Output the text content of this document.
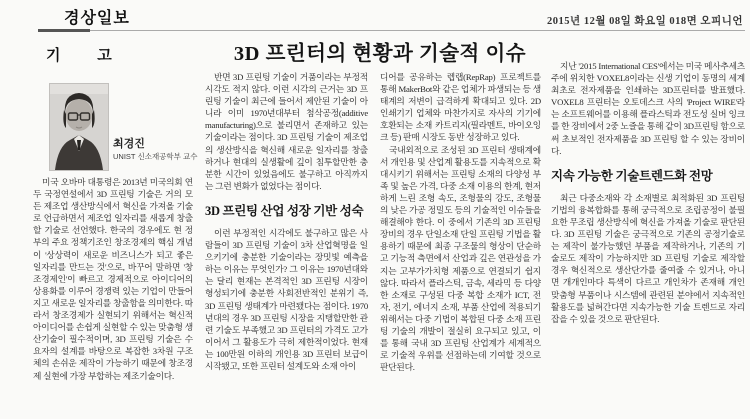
경상일보	2015년 12월 08일 화요일 018면 오피니언
기 고	3D 프린터의 현황과 기술적 이슈
최경진
UNIST 신소재공학부 교수

미국 오바마 대통령은 2013년 미국의회 연두 국정연설에서 3D 프린팅 기술은 거의 모든 제조업 생산방식에서 혁신을 가져올 기술로 언급하면서 제조업 일자리를 새롭게 창출할 기술로 선언했다. 한국의 경우에도 현 정부의 주요 정책기조인 창조경제의 핵심 개념이 '상상력이 새로운 비즈니스가 되고 좋은 일자리를 만드는 것'으로, 바꾸어 말하면 '창조경제인'이 빠르고 경제적으로 아이디어의 상용화를 이루어 경쟁력 있는 기업이 만들어지고 새로운 일자리를 창출함을 의미한다. 따라서 창조경제가 실현되기 위해서는 혁신적 아이디어를 손쉽게 실현할 수 있는 맞춤형 생산기술이 필수적이며, 3D 프린팅 기술은 수요자의 설계를 바탕으로 복잡한 3차원 구조체의 손쉬운 제작이 가능하기 때문에 창조경제 실현에 가장 부합하는 제조기술이다.

반면 3D 프린팅 기술이 거품이라는 부정적 시각도 적지 않다. 이런 시각의 근거는 3D 프린팅 기술이 최근에 들어서 제안된 기술이 아니라 이미 1970년대부터 첨삭공정(additive manufacturing)으로 불리면서 존재하고 있는 기술이라는 점이다. 3D 프린팅 기술이 제조업의 생산방식을 혁신해 새로운 일자리를 창출하거나 현대의 실생활에 깊이 침투할만한 충분한 시간이 있었음에도 불구하고 아직까지는 그런 변화가 없었다는 점이다.

3D 프린팅 산업 성장 기반 성숙

이런 부정적인 시각에도 불구하고 많은 사람들이 3D 프린팅 기술이 3차 산업혁명을 일으키기에 충분한 기술이라는 장밋빛 예측을 하는 이유는 무엇인가? 그 이유는 1970년대와는 달리 현재는 본격적인 3D 프린팅 시장이 형성되기에 충분한 사회전반적인 분위기 즉, 3D 프린팅 생태계가 마련됐다는 점이다. 1970년대의 경우 3D 프린팅 시장을 지탱할만한 관련 기술도 부족했고 3D 프린터의 가격도 고가이어서 그 활용도가 극히 제한적이었다. 현재는 100만원 이하의 개인용 3D 프린터 보급이 시작됐고, 또한 프린터 설계도와 소재 아이

디어를 공유하는 렙랩(RepRap) 프로젝트를 통해 MakerBot와 같은 업체가 파생되는 등 생태계의 저변이 급격하게 확대되고 있다. 2D 인쇄기기 업체와 마찬가지로 자사의 기기에 호환되는 소재 카트리지(필라멘트, 바이오잉크 등) 판매 시장도 동반 성장하고 있다.

국내외적으로 조성된 3D 프린터 생태계에서 개인용 및 산업계 활용도를 지속적으로 확대시키기 위해서는 프린팅 소재의 다양성 부족 및 높은 가격, 다중 소재 이용의 한계, 현저하게 느린 조형 속도, 조형물의 강도, 조형물의 낮은 가공 정밀도 등의 기술적인 이슈들을 해결해야 한다. 이 중에서 기존의 3D 프린팅 장비의 경우 단일소재 단일 프린팅 기법을 활용하기 때문에 최종 구조물의 형상이 단순하고 기능적 측면에서 산업과 깊은 연관성을 가지는 고부가가치형 제품으로 연결되기 쉽지 않다. 따라서 플라스틱, 금속, 세라믹 등 다양한 소재로 구성된 다중 복합 소재가 ICT, 전자, 전기, 에너지 소재, 부품 산업에 적용되기 위해서는 다중 기법이 복합된 다중 소재 프린팅 기술의 개발이 절실히 요구되고 있고, 이를 통해 국내 3D 프린팅 산업계가 세계적으로 기술적 우위를 선점하는데 기여할 것으로 판단된다.

지난 '2015 International CES'에서는 미국 메사추세츠주에 위치한 VOXEL8이라는 신생 기업이 동명의 세계 최초로 전자제품을 인쇄하는 3D프린터를 발표했다. VOXEL8 프린터는 오토데스크 사의 'Project WIRE'라는 소프트웨어를 이용해 플라스틱과 전도성 실버 잉크를 한 장비에서 2중 노즐을 통해 같이 3D프린팅 함으로써 초보적인 전자제품을 3D 프린팅 할 수 있는 장비이다.

지속 가능한 기술트렌드화 전망

최근 다중소재와 각 소재별로 최적화된 3D 프린팅 기법의 융복합화를 통해 궁극적으로 조립공정이 불필요한 무조립 생산방식에 혁신을 가져올 기술로 판단된다. 3D 프린팅 기술은 궁극적으로 기존의 공정기술로는 제작이 불가능했던 부품을 제작하거나, 기존의 기술로도 제작이 가능하지만 3D 프린팅 기술로 제작할 경우 혁신적으로 생산단가를 줄여줄 수 있거나, 아니면 개개인마다 특색이 다르고 개인차가 존재해 개인 맞춤형 부품이나 시스템에 관련된 분야에서 지속적인 활용도를 넓혀간다면 지속가능한 기술 트렌드로 자리 잡을 수 있을 것으로 판단된다.
